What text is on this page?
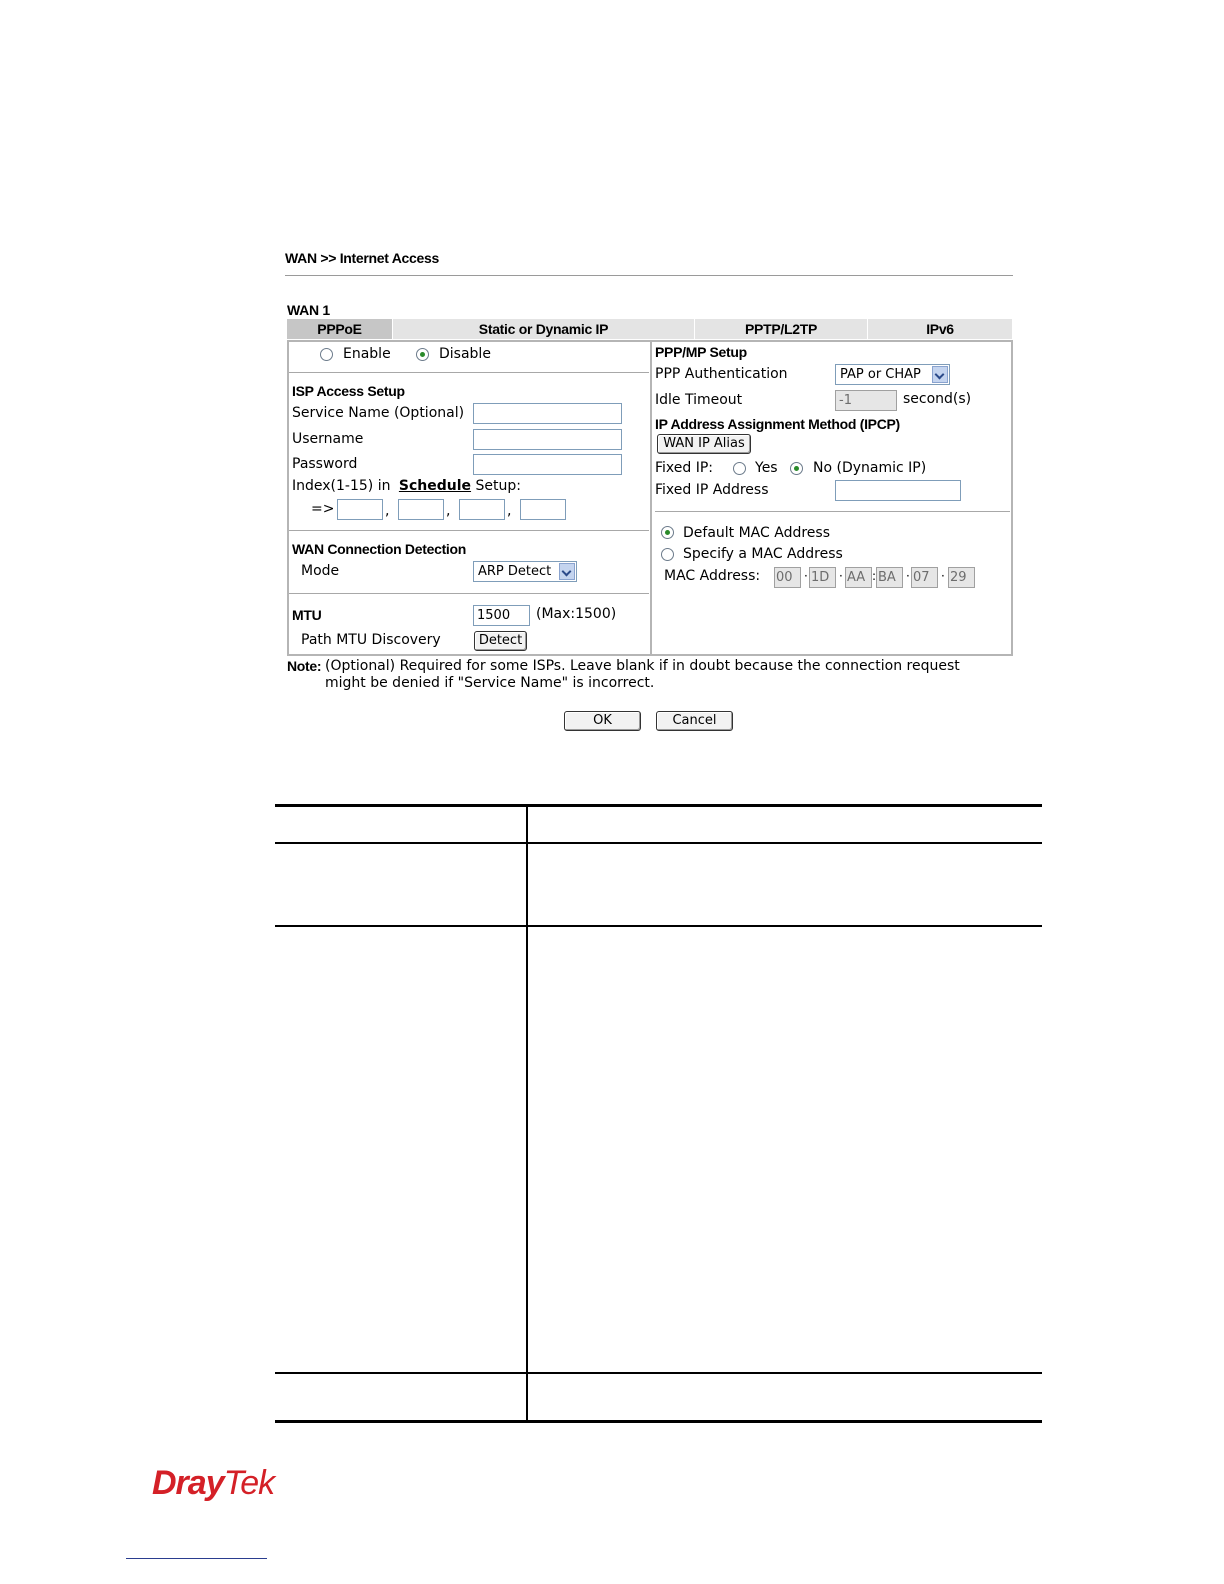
WAN >> Internet Access
WAN 1
PPPoE	Static or Dynamic IP	PPTP/L2TP	IPv6
Enable	Disable
ISP Access Setup
Service Name (Optional)
Username
Password
Index(1-15) in Schedule Setup:
=>	,	,	,
WAN Connection Detection
Mode	ARP Detect
MTU	1500	(Max:1500)
Path MTU Discovery	Detect
PPP/MP Setup
PPP Authentication	PAP or CHAP
Idle Timeout	-1	second(s)
IP Address Assignment Method (IPCP)
WAN IP Alias
Fixed IP:	Yes	No (Dynamic IP)
Fixed IP Address
Default MAC Address
Specify a MAC Address
MAC Address: 00 · 1D · AA : BA · 07 · 29
Note: (Optional) Required for some ISPs. Leave blank if in doubt because the connection request
might be denied if "Service Name" is incorrect.
OK	Cancel
DrayTek
